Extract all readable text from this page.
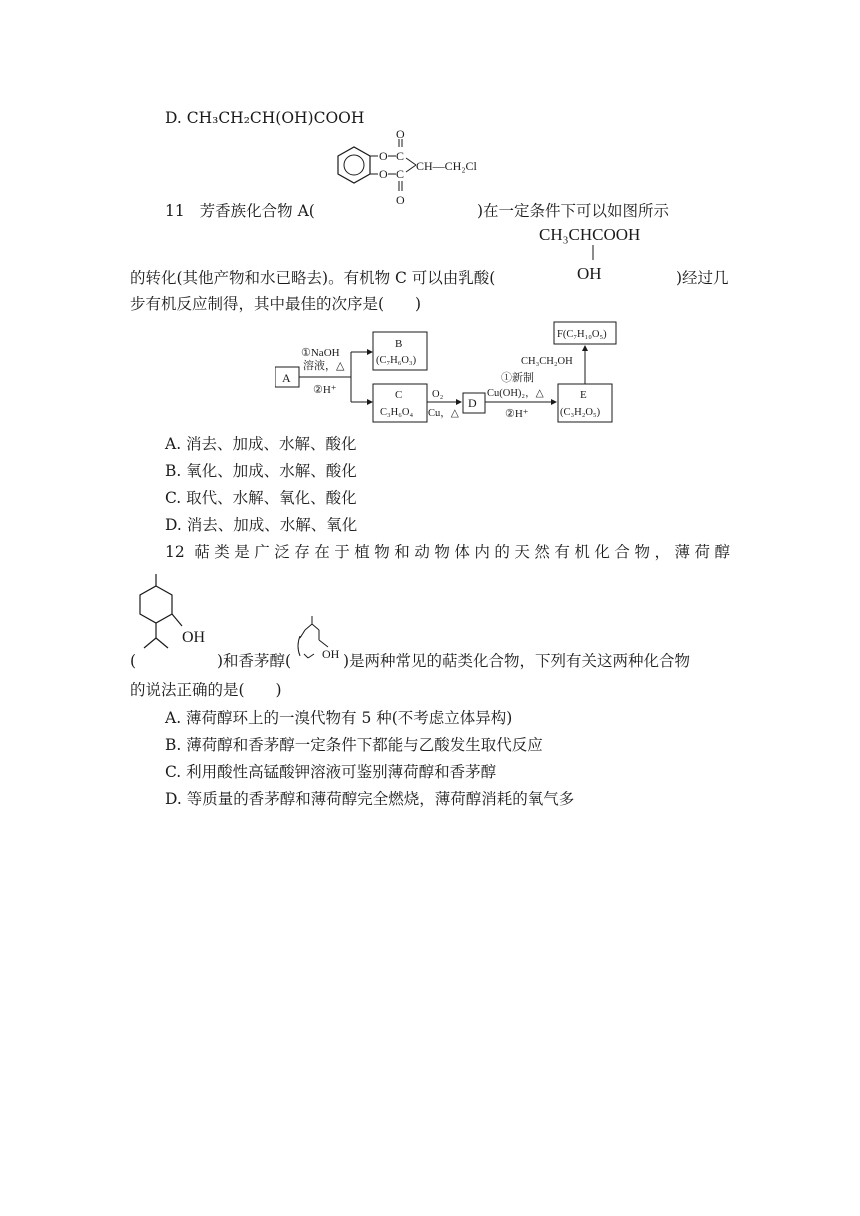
D. CH₃CH₂CH(OH)COOH
O
O
C
C
O
O
CH—CH₂Cl
11 芳香族化合物 A(	)在一定条件下可以如图所示
CH₃CHCOOH
OH
的转化(其他产物和水已略去)。有机物 C 可以由乳酸(	)经过几
步有机反应制得，其中最佳的次序是(　　)
A
①NaOH
溶液，△
②H⁺
B
(C₇H₆O₃)
C
C₃H₆O₄
O₂
Cu，△
D
①新制
Cu(OH)₂，△
②H⁺
E
(C₃H₂O₅)
CH₃CH₂OH
F(C₇H₁₀O₅)
A. 消去、加成、水解、酸化
B. 氧化、加成、水解、酸化
C. 取代、水解、氧化、酸化
D. 消去、加成、水解、氧化
12 萜类是广泛存在于植物和动物体内的天然有机化合物，薄荷醇
OH
(	)和香茅醇(	OH )是两种常见的萜类化合物，下列有关这两种化合物
的说法正确的是(　　)
A. 薄荷醇环上的一溴代物有 5 种(不考虑立体异构)
B. 薄荷醇和香茅醇一定条件下都能与乙酸发生取代反应
C. 利用酸性高锰酸钾溶液可鉴别薄荷醇和香茅醇
D. 等质量的香茅醇和薄荷醇完全燃烧，薄荷醇消耗的氧气多
